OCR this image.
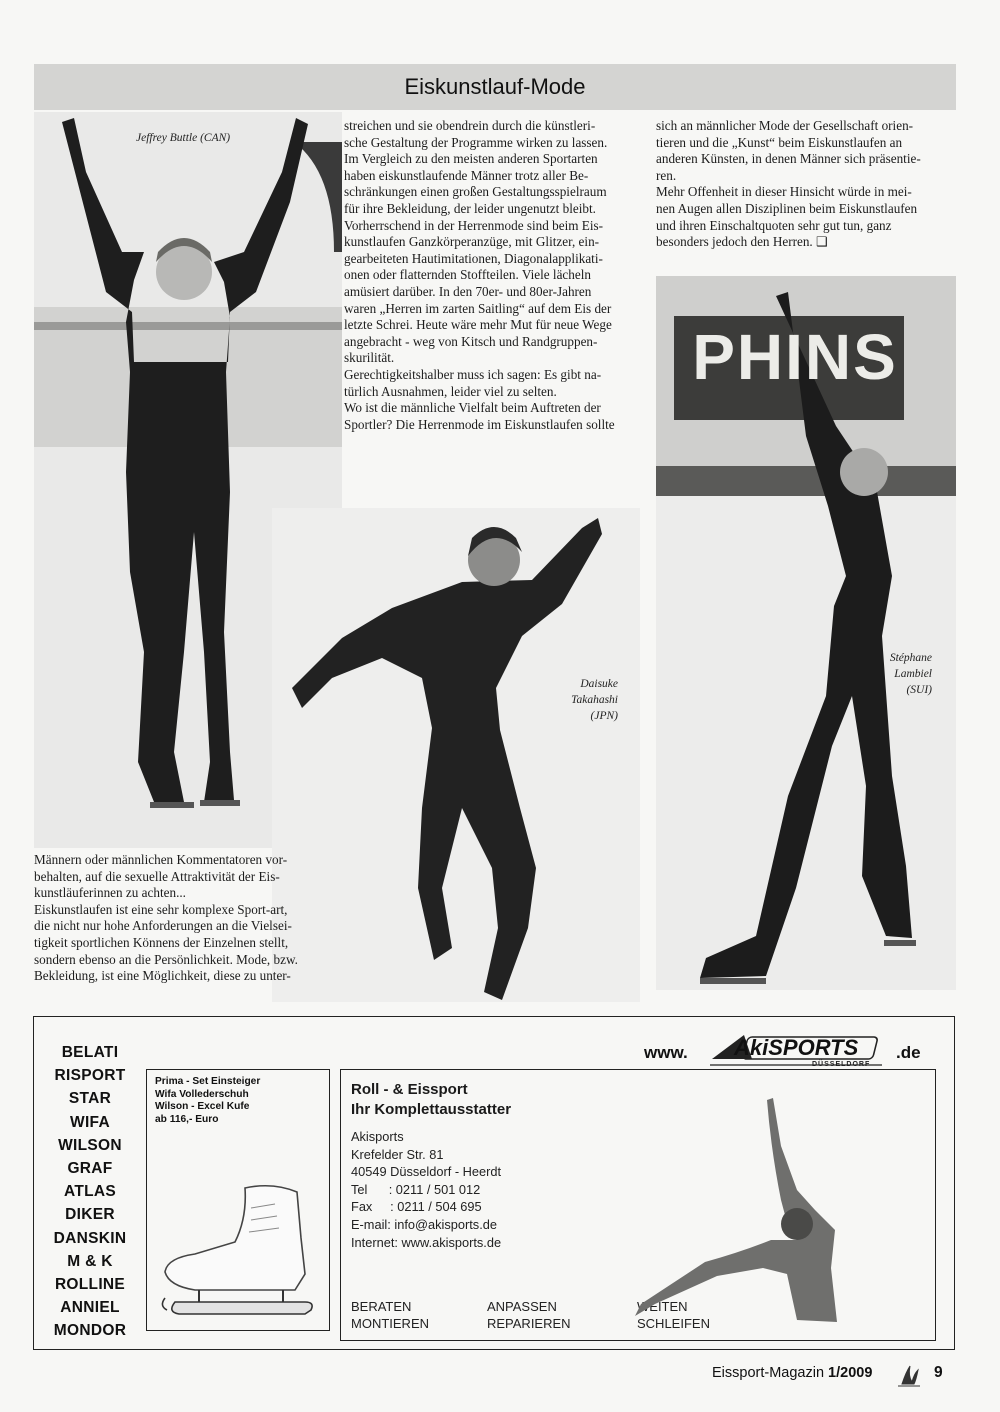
Eiskunstlauf-Mode
Jeffrey Buttle (CAN)
PHINS
Stéphane
Lambiel
(SUI)
Daisuke
Takahashi
(JPN)

streichen und sie obendrein durch die künstleri-

sche Gestaltung der Programme wirken zu lassen.

Im Vergleich zu den meisten anderen Sportarten

haben eiskunstlaufende Männer trotz aller Be-

schränkungen einen großen Gestaltungsspielraum

für ihre Bekleidung, der leider ungenutzt bleibt.

Vorherrschend in der Herrenmode sind beim Eis-

kunstlaufen Ganzkörperanzüge, mit Glitzer, ein-

gearbeiteten Hautimitationen, Diagonalapplikati-

onen oder flatternden Stoffteilen. Viele lächeln

amüsiert darüber. In den 70er- und 80er-Jahren

waren „Herren im zarten Saitling“ auf dem Eis der

letzte Schrei. Heute wäre mehr Mut für neue Wege

angebracht - weg von Kitsch und Randgruppen-

skurilität.

Gerechtigkeitshalber muss ich sagen: Es gibt na-

türlich Ausnahmen, leider viel zu selten.

Wo ist die männliche Vielfalt beim Auftreten der

Sportler? Die Herrenmode im Eiskunstlaufen sollte

sich an männlicher Mode der Gesellschaft orien-

tieren und die „Kunst“ beim Eiskunstlaufen an

anderen Künsten, in denen Männer sich präsentie-

ren.

Mehr Offenheit in dieser Hinsicht würde in mei-

nen Augen allen Disziplinen beim Eiskunstlaufen

und ihren Einschaltquoten sehr gut tun, ganz

besonders jedoch den Herren. ❑

Männern oder männlichen Kommentatoren vor-

behalten, auf die sexuelle Attraktivität der Eis-

kunstläuferinnen zu achten...

Eiskunstlaufen ist eine sehr komplexe Sport-art,

die nicht nur hohe Anforderungen an die Vielsei-

tigkeit sportlichen Könnens der Einzelnen stellt,

sondern ebenso an die Persönlichkeit. Mode, bzw.

Bekleidung, ist eine Möglichkeit, diese zu unter-

BELATI
RISPORT
STAR
WIFA
WILSON
GRAF
ATLAS
DIKER
DANSKIN
M & K
ROLLINE
ANNIEL
MONDOR
Prima - Set Einsteiger
Wifa Vollederschuh
Wilson - Excel Kufe
ab 116,- Euro
Roll - & Eissport
Ihr Komplettausstatter
Akisports
Krefelder Str. 81
40549 Düsseldorf - Heerdt
Tel      : 0211 / 501 012
Fax     : 0211 / 504 695
E-mail: info@akisports.de
Internet: www.akisports.de
BERATEN
MONTIEREN
ANPASSEN
REPARIEREN
WEITEN
SCHLEIFEN
www. AkiSPORTS .de
DÜSSELDORF
Eissport-Magazin 1/2009	9
